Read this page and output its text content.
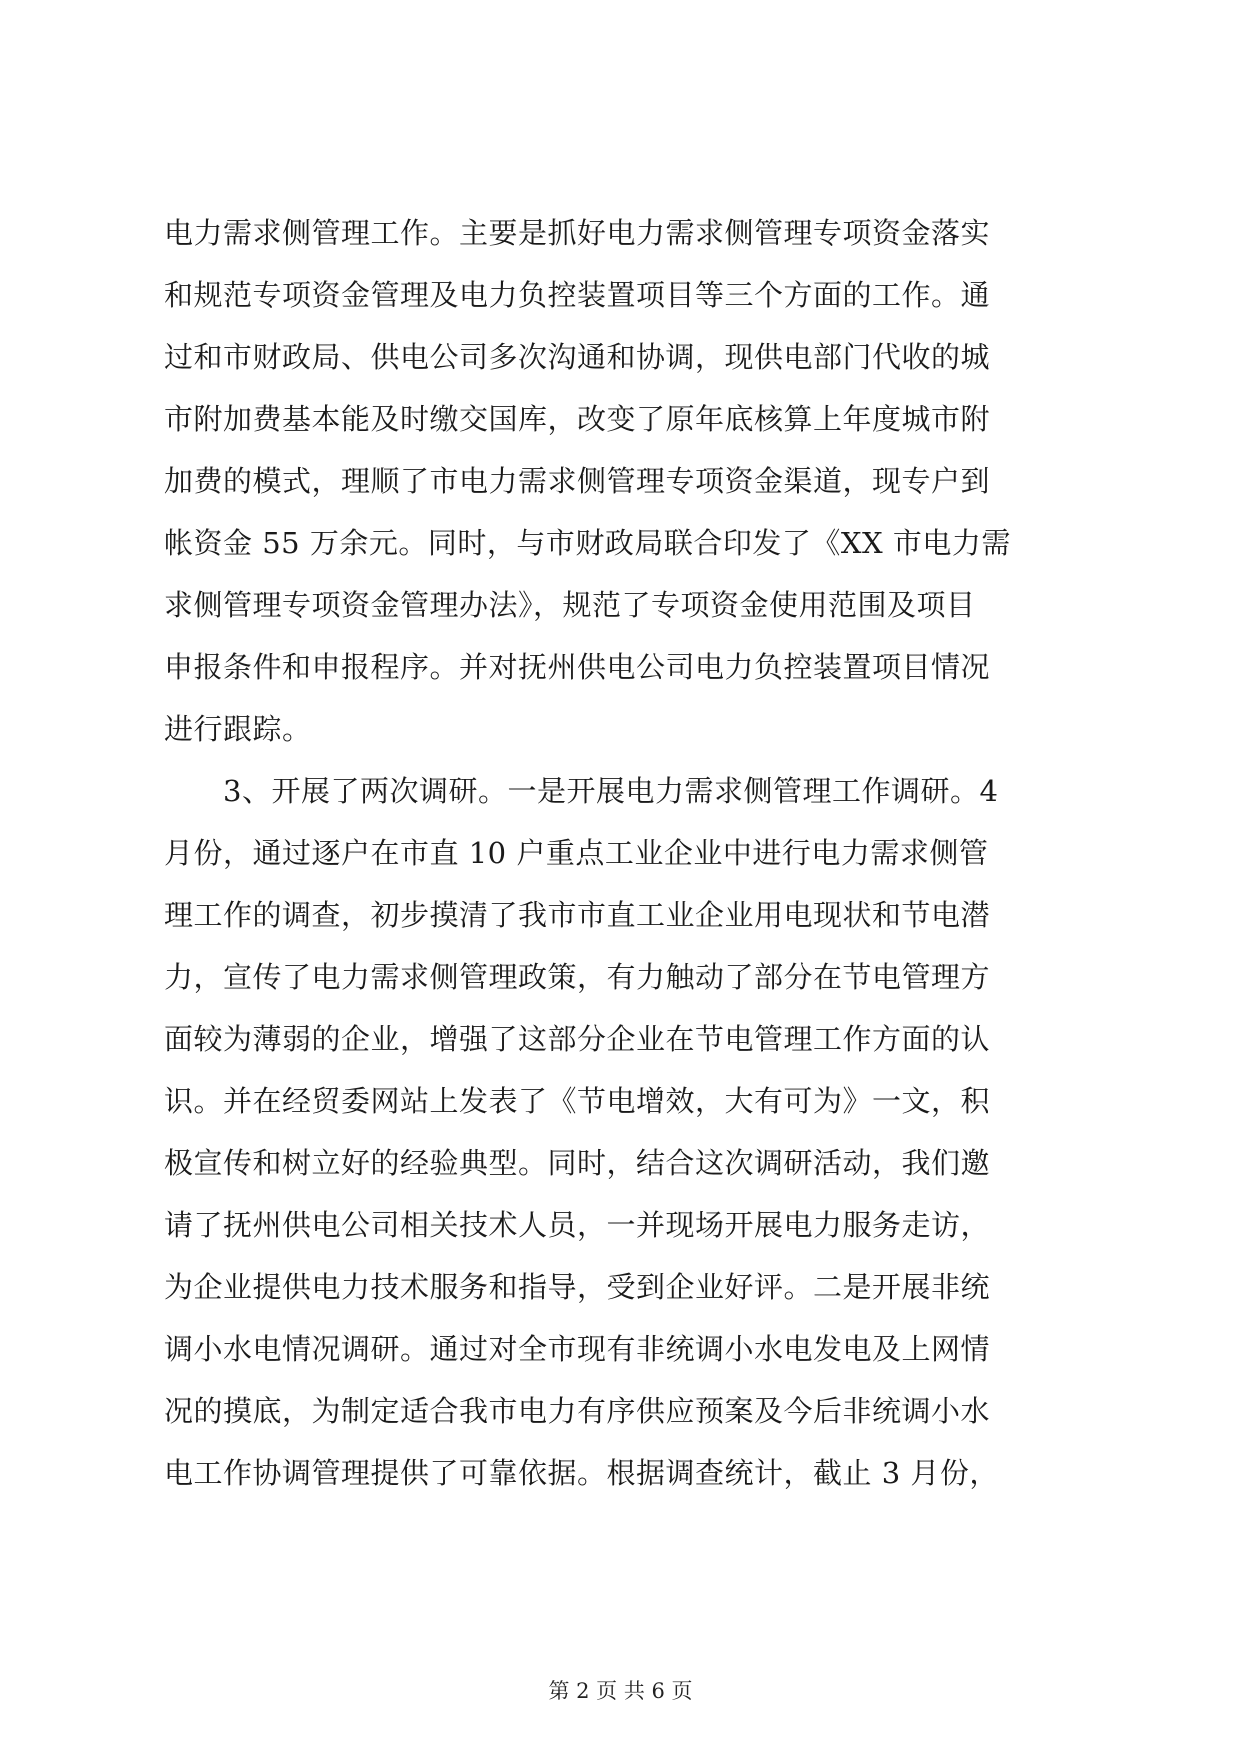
电力需求侧管理工作。主要是抓好电力需求侧管理专项资金落实
和规范专项资金管理及电力负控装置项目等三个方面的工作。通
过和市财政局、供电公司多次沟通和协调，现供电部门代收的城
市附加费基本能及时缴交国库，改变了原年底核算上年度城市附
加费的模式，理顺了市电力需求侧管理专项资金渠道，现专户到
帐资金 55 万余元。同时，与市财政局联合印发了《XX 市电力需
求侧管理专项资金管理办法》，规范了专项资金使用范围及项目
申报条件和申报程序。并对抚州供电公司电力负控装置项目情况
进行跟踪。
3、开展了两次调研。一是开展电力需求侧管理工作调研。4
月份，通过逐户在市直 10 户重点工业企业中进行电力需求侧管
理工作的调查，初步摸清了我市市直工业企业用电现状和节电潜
力，宣传了电力需求侧管理政策，有力触动了部分在节电管理方
面较为薄弱的企业，增强了这部分企业在节电管理工作方面的认
识。并在经贸委网站上发表了《节电增效，大有可为》一文，积
极宣传和树立好的经验典型。同时，结合这次调研活动，我们邀
请了抚州供电公司相关技术人员，一并现场开展电力服务走访，
为企业提供电力技术服务和指导，受到企业好评。二是开展非统
调小水电情况调研。通过对全市现有非统调小水电发电及上网情
况的摸底，为制定适合我市电力有序供应预案及今后非统调小水
电工作协调管理提供了可靠依据。根据调查统计，截止 3 月份，
第 2 页 共 6 页
